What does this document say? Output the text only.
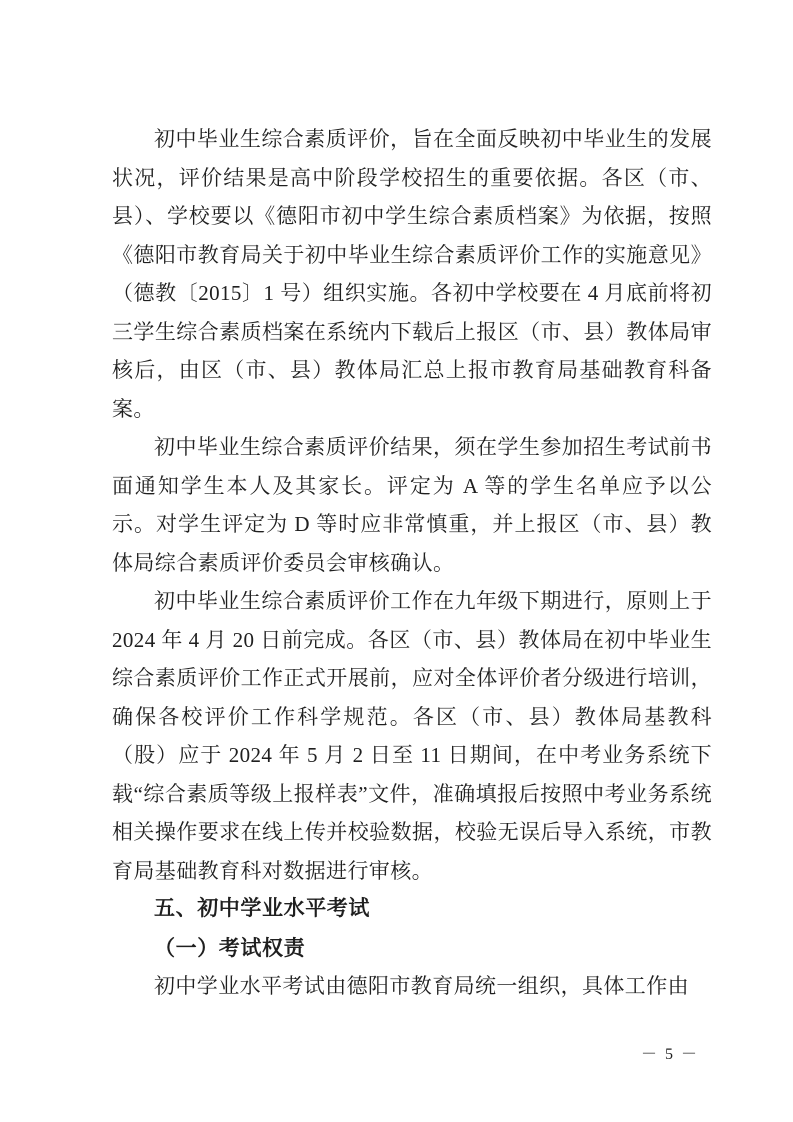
初中毕业生综合素质评价，旨在全面反映初中毕业生的发展状况，评价结果是高中阶段学校招生的重要依据。各区（市、县）、学校要以《德阳市初中学生综合素质档案》为依据，按照《德阳市教育局关于初中毕业生综合素质评价工作的实施意见》（德教〔2015〕1 号）组织实施。各初中学校要在 4 月底前将初三学生综合素质档案在系统内下载后上报区（市、县）教体局审核后，由区（市、县）教体局汇总上报市教育局基础教育科备案。

初中毕业生综合素质评价结果，须在学生参加招生考试前书面通知学生本人及其家长。评定为 A 等的学生名单应予以公示。对学生评定为 D 等时应非常慎重，并上报区（市、县）教体局综合素质评价委员会审核确认。

初中毕业生综合素质评价工作在九年级下期进行，原则上于 2024 年 4 月 20 日前完成。各区（市、县）教体局在初中毕业生综合素质评价工作正式开展前，应对全体评价者分级进行培训，确保各校评价工作科学规范。各区（市、县）教体局基教科（股）应于 2024 年 5 月 2 日至 11 日期间，在中考业务系统下载“综合素质等级上报样表”文件，准确填报后按照中考业务系统相关操作要求在线上传并校验数据，校验无误后导入系统，市教育局基础教育科对数据进行审核。

五、初中学业水平考试
（一）考试权责

初中学业水平考试由德阳市教育局统一组织，具体工作由

－ 5 －
